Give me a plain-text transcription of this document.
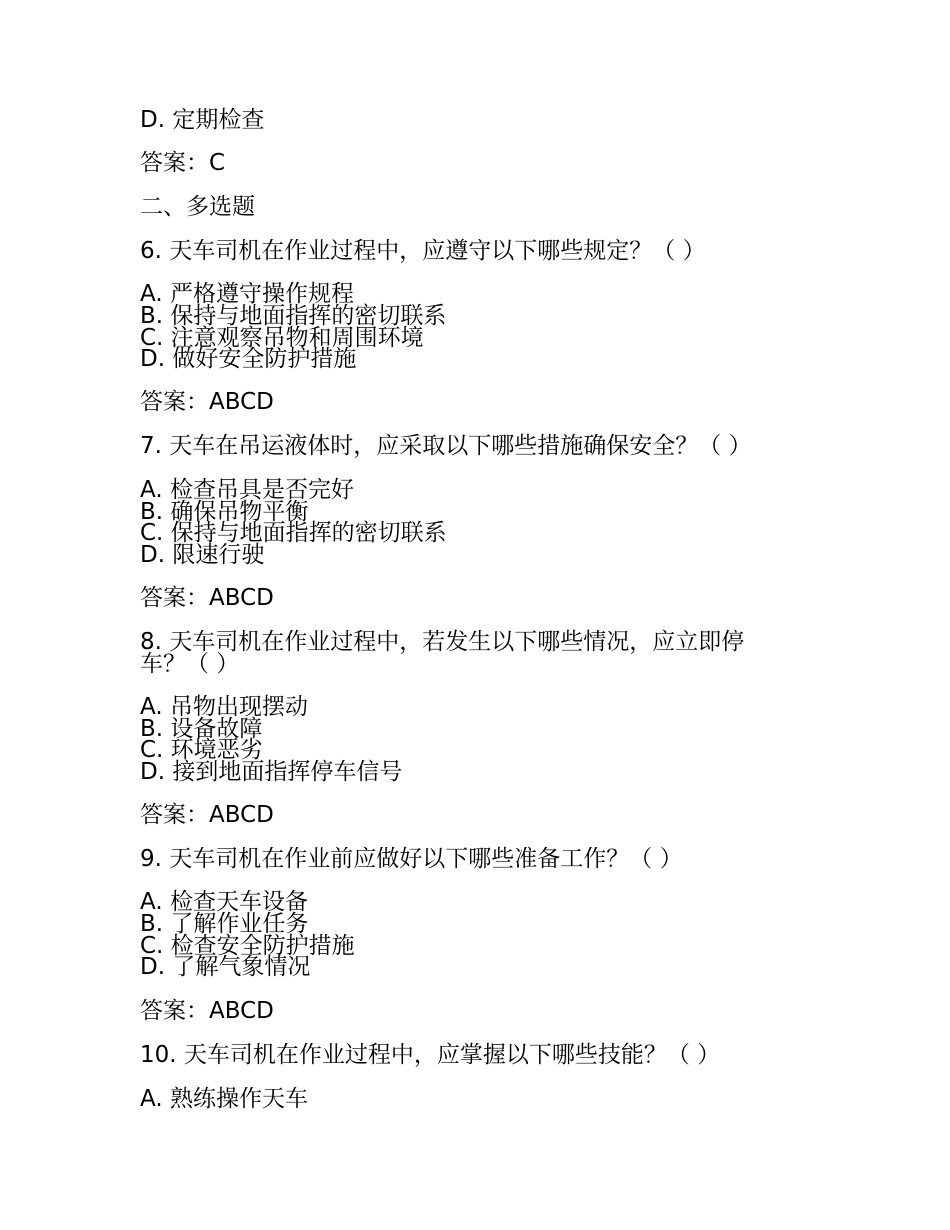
D. 定期检查
答案：C
二、多选题
6. 天车司机在作业过程中，应遵守以下哪些规定？（ ）
A. 严格遵守操作规程
B. 保持与地面指挥的密切联系
C. 注意观察吊物和周围环境
D. 做好安全防护措施
答案：ABCD
7. 天车在吊运液体时，应采取以下哪些措施确保安全？（ ）
A. 检查吊具是否完好
B. 确保吊物平衡
C. 保持与地面指挥的密切联系
D. 限速行驶
答案：ABCD
8. 天车司机在作业过程中，若发生以下哪些情况，应立即停
车？（ ）
A. 吊物出现摆动
B. 设备故障
C. 环境恶劣
D. 接到地面指挥停车信号
答案：ABCD
9. 天车司机在作业前应做好以下哪些准备工作？（ ）
A. 检查天车设备
B. 了解作业任务
C. 检查安全防护措施
D. 了解气象情况
答案：ABCD
10. 天车司机在作业过程中，应掌握以下哪些技能？（ ）
A. 熟练操作天车
